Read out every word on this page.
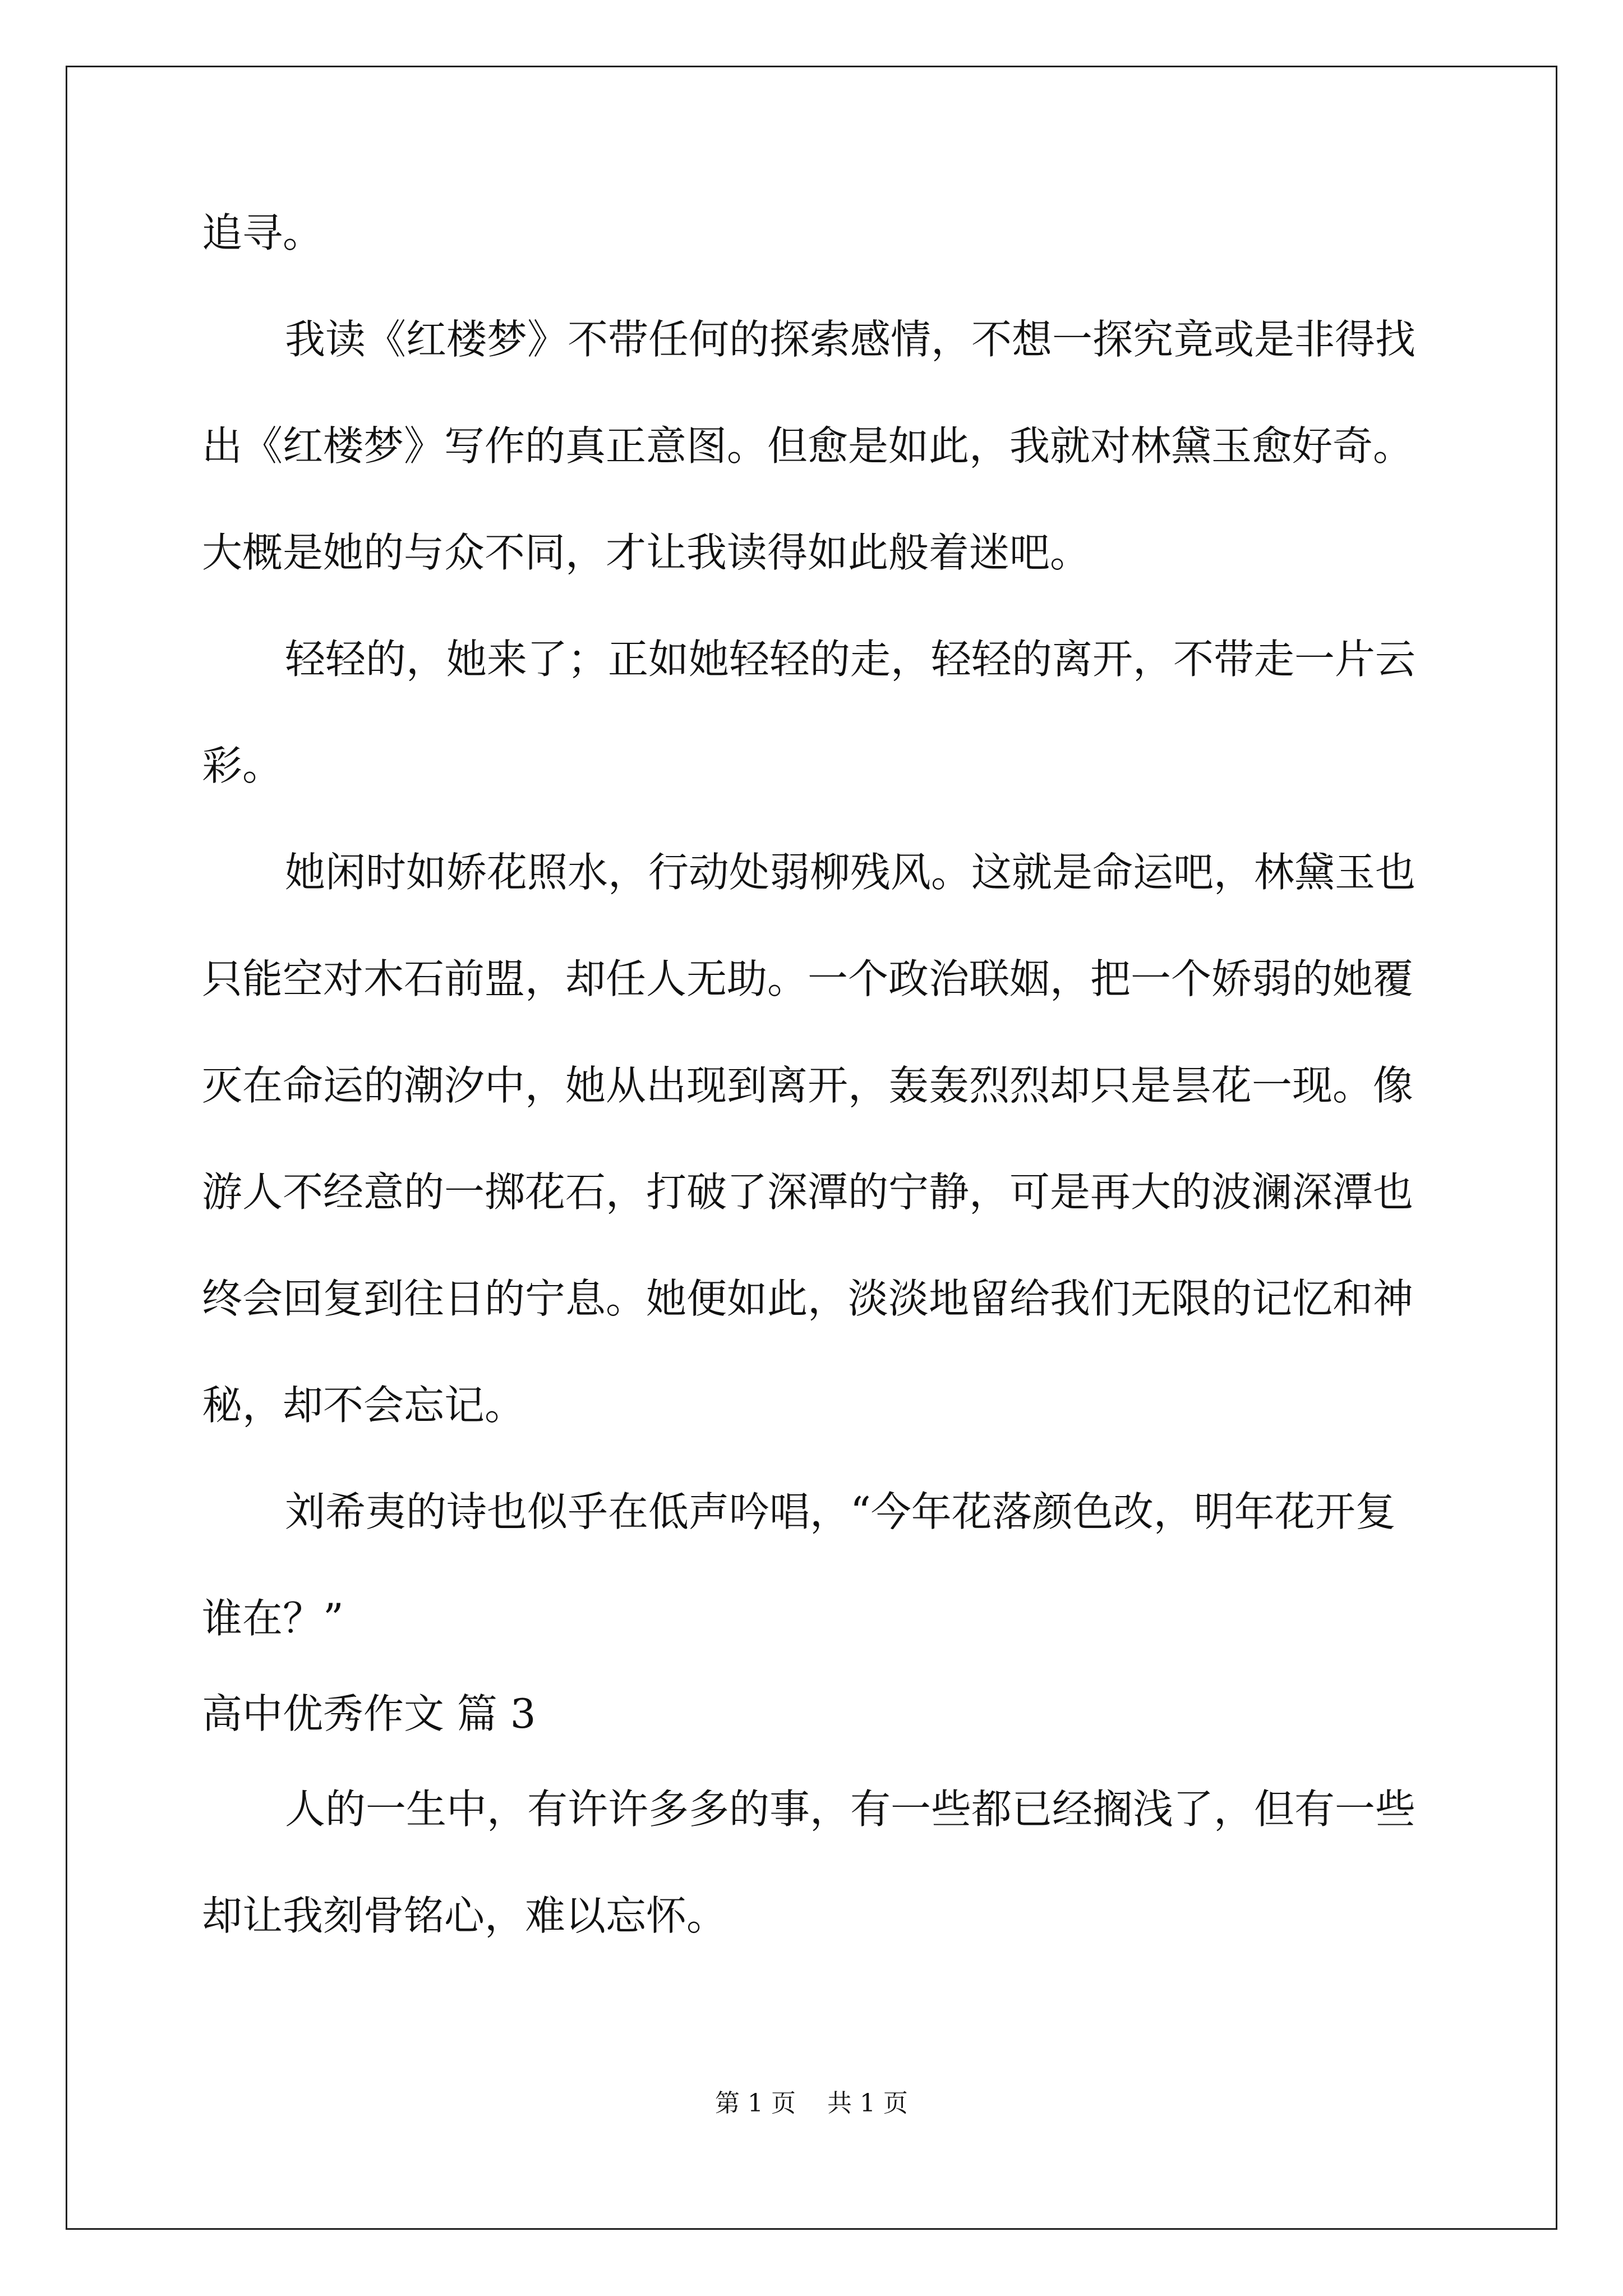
追寻。
我读《红楼梦》不带任何的探索感情，不想一探究竟或是非得找
出《红楼梦》写作的真正意图。但愈是如此，我就对林黛玉愈好奇。
大概是她的与众不同，才让我读得如此般着迷吧。
轻轻的，她来了；正如她轻轻的走，轻轻的离开，不带走一片云
彩。
她闲时如娇花照水，行动处弱柳残风。这就是命运吧，林黛玉也
只能空对木石前盟，却任人无助。一个政治联姻，把一个娇弱的她覆
灭在命运的潮汐中，她从出现到离开，轰轰烈烈却只是昙花一现。像
游人不经意的一掷花石，打破了深潭的宁静，可是再大的波澜深潭也
终会回复到往日的宁息。她便如此，淡淡地留给我们无限的记忆和神
秘，却不会忘记。
刘希夷的诗也似乎在低声吟唱，“今年花落颜色改，明年花开复
谁在？”
高中优秀作文 篇 3
人的一生中，有许许多多的事，有一些都已经搁浅了，但有一些
却让我刻骨铭心，难以忘怀。
第 1 页    共 1 页
